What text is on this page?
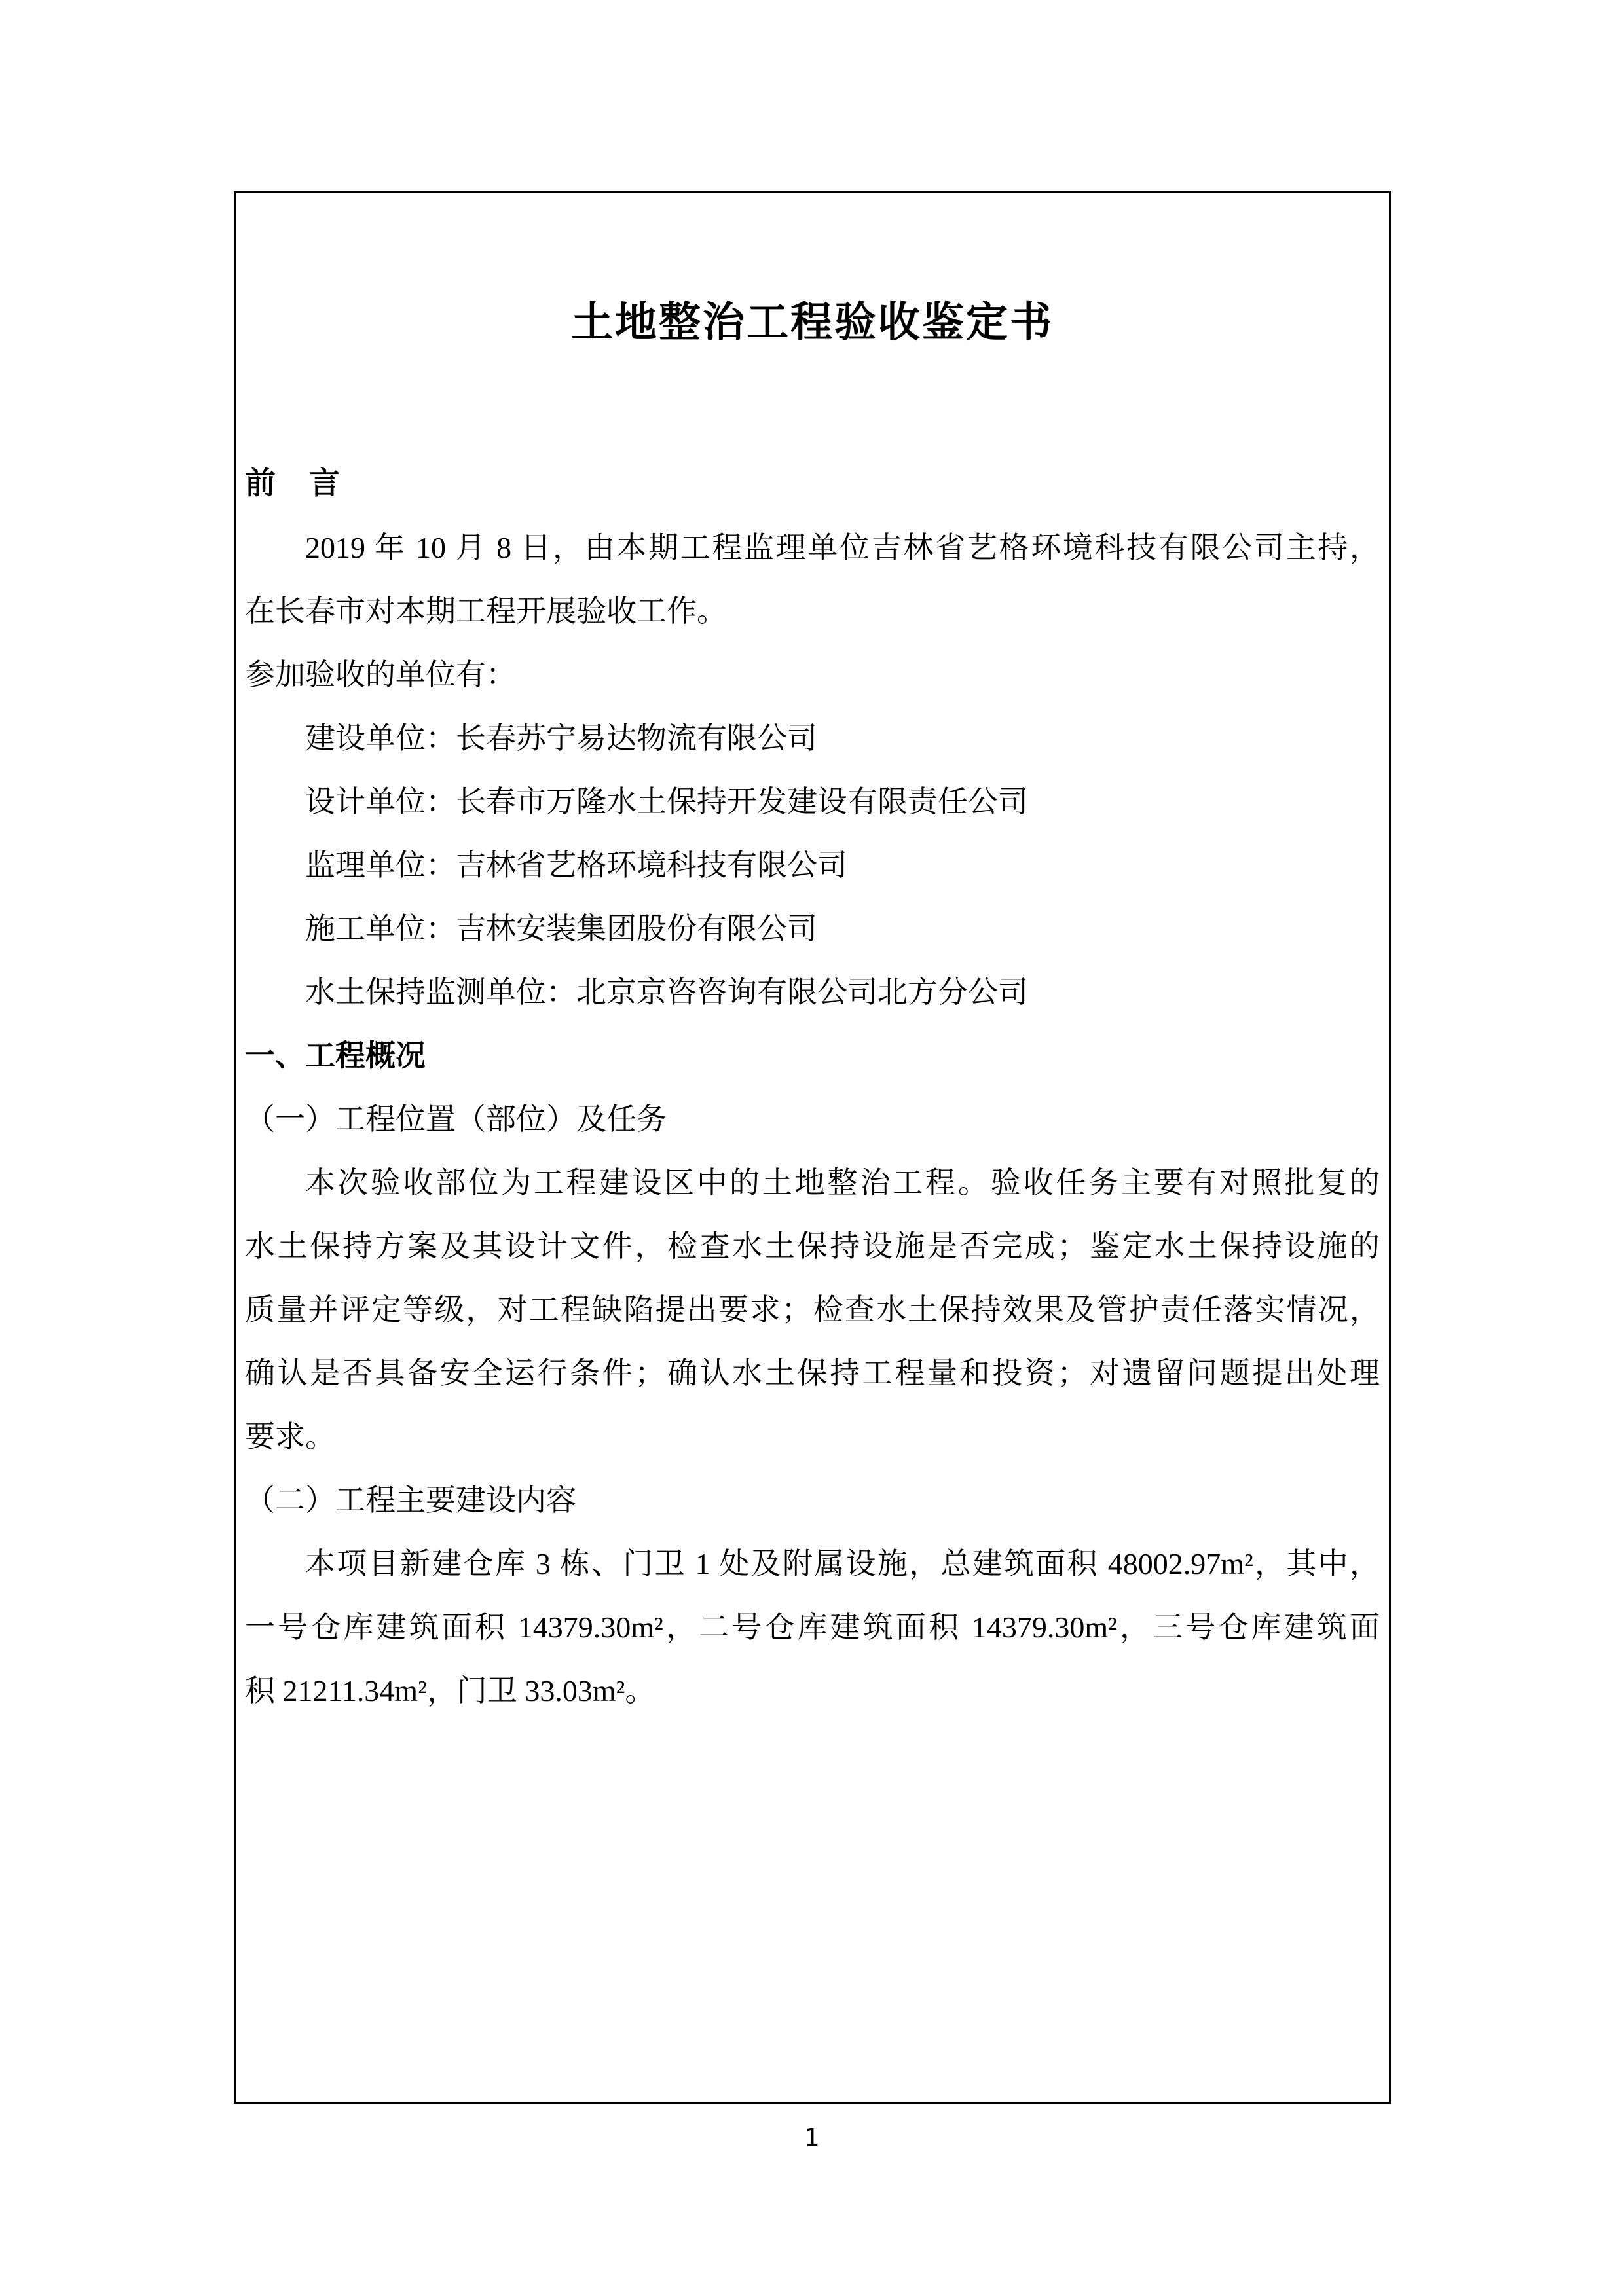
土地整治工程验收鉴定书
前　言
2019 年 10 月 8 日，由本期工程监理单位吉林省艺格环境科技有限公司主持，
在长春市对本期工程开展验收工作。
参加验收的单位有：
建设单位：长春苏宁易达物流有限公司
设计单位：长春市万隆水土保持开发建设有限责任公司
监理单位：吉林省艺格环境科技有限公司
施工单位：吉林安装集团股份有限公司
水土保持监测单位：北京京咨咨询有限公司北方分公司
一、工程概况
（一）工程位置（部位）及任务
本次验收部位为工程建设区中的土地整治工程。验收任务主要有对照批复的
水土保持方案及其设计文件，检查水土保持设施是否完成；鉴定水土保持设施的
质量并评定等级，对工程缺陷提出要求；检查水土保持效果及管护责任落实情况，
确认是否具备安全运行条件；确认水土保持工程量和投资；对遗留问题提出处理
要求。
（二）工程主要建设内容
本项目新建仓库 3 栋、门卫 1 处及附属设施，总建筑面积 48002.97m²，其中，
一号仓库建筑面积 14379.30m²，二号仓库建筑面积 14379.30m²，三号仓库建筑面
积 21211.34m²，门卫 33.03m²。
1
